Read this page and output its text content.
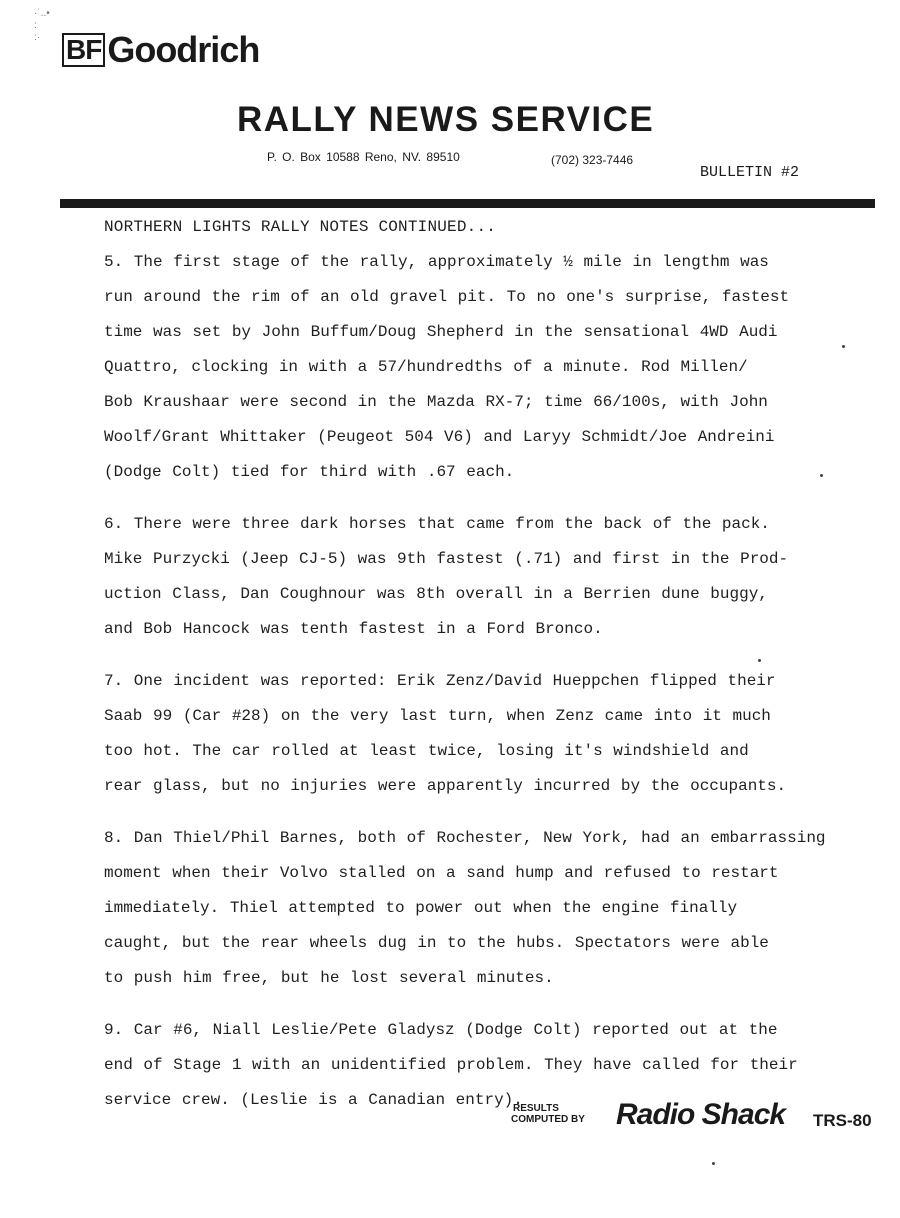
·˙..•
:
:· BF Goodrich
RALLY NEWS SERVICE
P. O. Box 10588 Reno, NV. 89510	(702) 323-7446
BULLETIN #2
NORTHERN LIGHTS RALLY NOTES CONTINUED...
5. The first stage of the rally, approximately ½ mile in lengthm was
run around the rim of an old gravel pit. To no one's surprise, fastest
time was set by John Buffum/Doug Shepherd in the sensational 4WD Audi
Quattro, clocking in with a 57/hundredths of a minute. Rod Millen/
Bob Kraushaar were second in the Mazda RX-7; time 66/100s, with John
Woolf/Grant Whittaker (Peugeot 504 V6) and Laryy Schmidt/Joe Andreini
(Dodge Colt) tied for third with .67 each.
6. There were three dark horses that came from the back of the pack.
Mike Purzycki (Jeep CJ-5) was 9th fastest (.71) and first in the Prod-
uction Class, Dan Coughnour was 8th overall in a Berrien dune buggy,
and Bob Hancock was tenth fastest in a Ford Bronco.
7. One incident was reported: Erik Zenz/David Hueppchen flipped their
Saab 99 (Car #28) on the very last turn, when Zenz came into it much
too hot. The car rolled at least twice, losing it's windshield and
rear glass, but no injuries were apparently incurred by the occupants.
8. Dan Thiel/Phil Barnes, both of Rochester, New York, had an embarrassing
moment when their Volvo stalled on a sand hump and refused to restart
immediately. Thiel attempted to power out when the engine finally
caught, but the rear wheels dug in to the hubs. Spectators were able
to push him free, but he lost several minutes.
9. Car #6, Niall Leslie/Pete Gladysz (Dodge Colt) reported out at the
end of Stage 1 with an unidentified problem. They have called for their
service crew. (Leslie is a Canadian entry).
RESULTS
COMPUTED BY Radio Shack TRS-80
